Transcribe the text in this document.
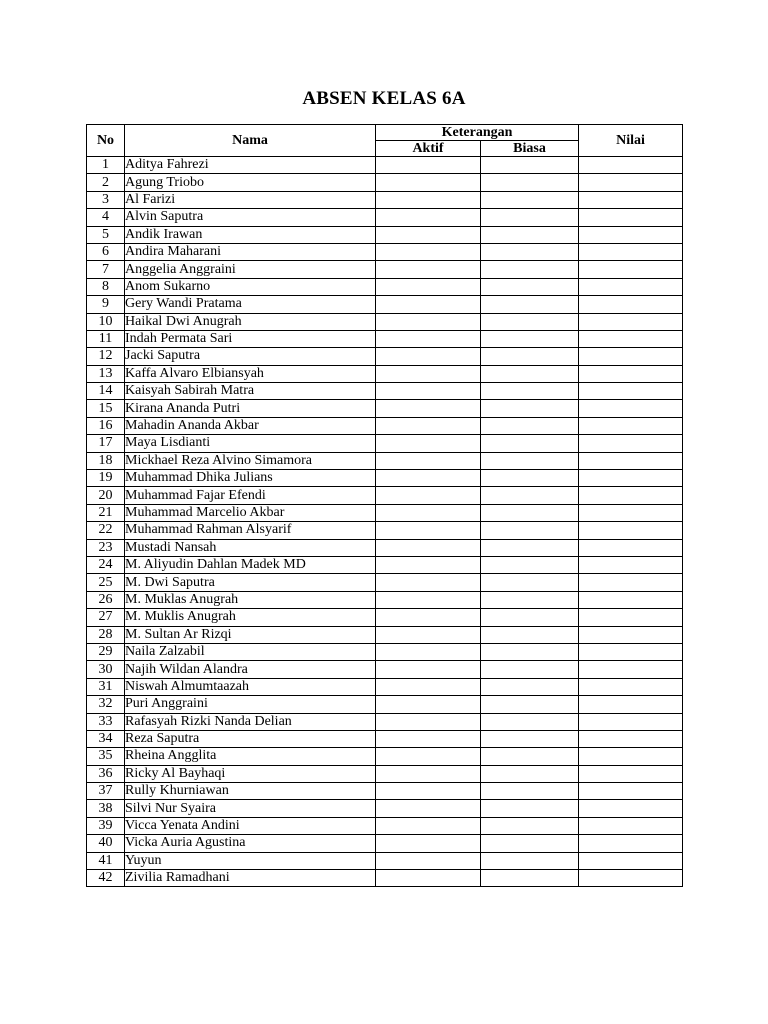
ABSEN KELAS 6A
No	Nama	Keterangan		Nilai
		Aktif	Biasa	
1	Aditya Fahrezi			
2	Agung Triobo			
3	Al Farizi			
4	Alvin Saputra			
5	Andik Irawan			
6	Andira Maharani			
7	Anggelia Anggraini			
8	Anom Sukarno			
9	Gery Wandi Pratama			
10	Haikal Dwi Anugrah			
11	Indah Permata Sari			
12	Jacki Saputra			
13	Kaffa Alvaro Elbiansyah			
14	Kaisyah Sabirah Matra			
15	Kirana Ananda Putri			
16	Mahadin Ananda Akbar			
17	Maya Lisdianti			
18	Mickhael Reza Alvino Simamora			
19	Muhammad Dhika Julians			
20	Muhammad Fajar Efendi			
21	Muhammad Marcelio Akbar			
22	Muhammad Rahman Alsyarif			
23	Mustadi Nansah			
24	M. Aliyudin Dahlan Madek MD			
25	M. Dwi Saputra			
26	M. Muklas Anugrah			
27	M. Muklis Anugrah			
28	M. Sultan Ar Rizqi			
29	Naila Zalzabil			
30	Najih Wildan Alandra			
31	Niswah Almumtaazah			
32	Puri Anggraini			
33	Rafasyah Rizki Nanda Delian			
34	Reza Saputra			
35	Rheina Angglita			
36	Ricky Al Bayhaqi			
37	Rully Khurniawan			
38	Silvi Nur Syaira			
39	Vicca Yenata Andini			
40	Vicka Auria Agustina			
41	Yuyun			
42	Zivilia Ramadhani			
